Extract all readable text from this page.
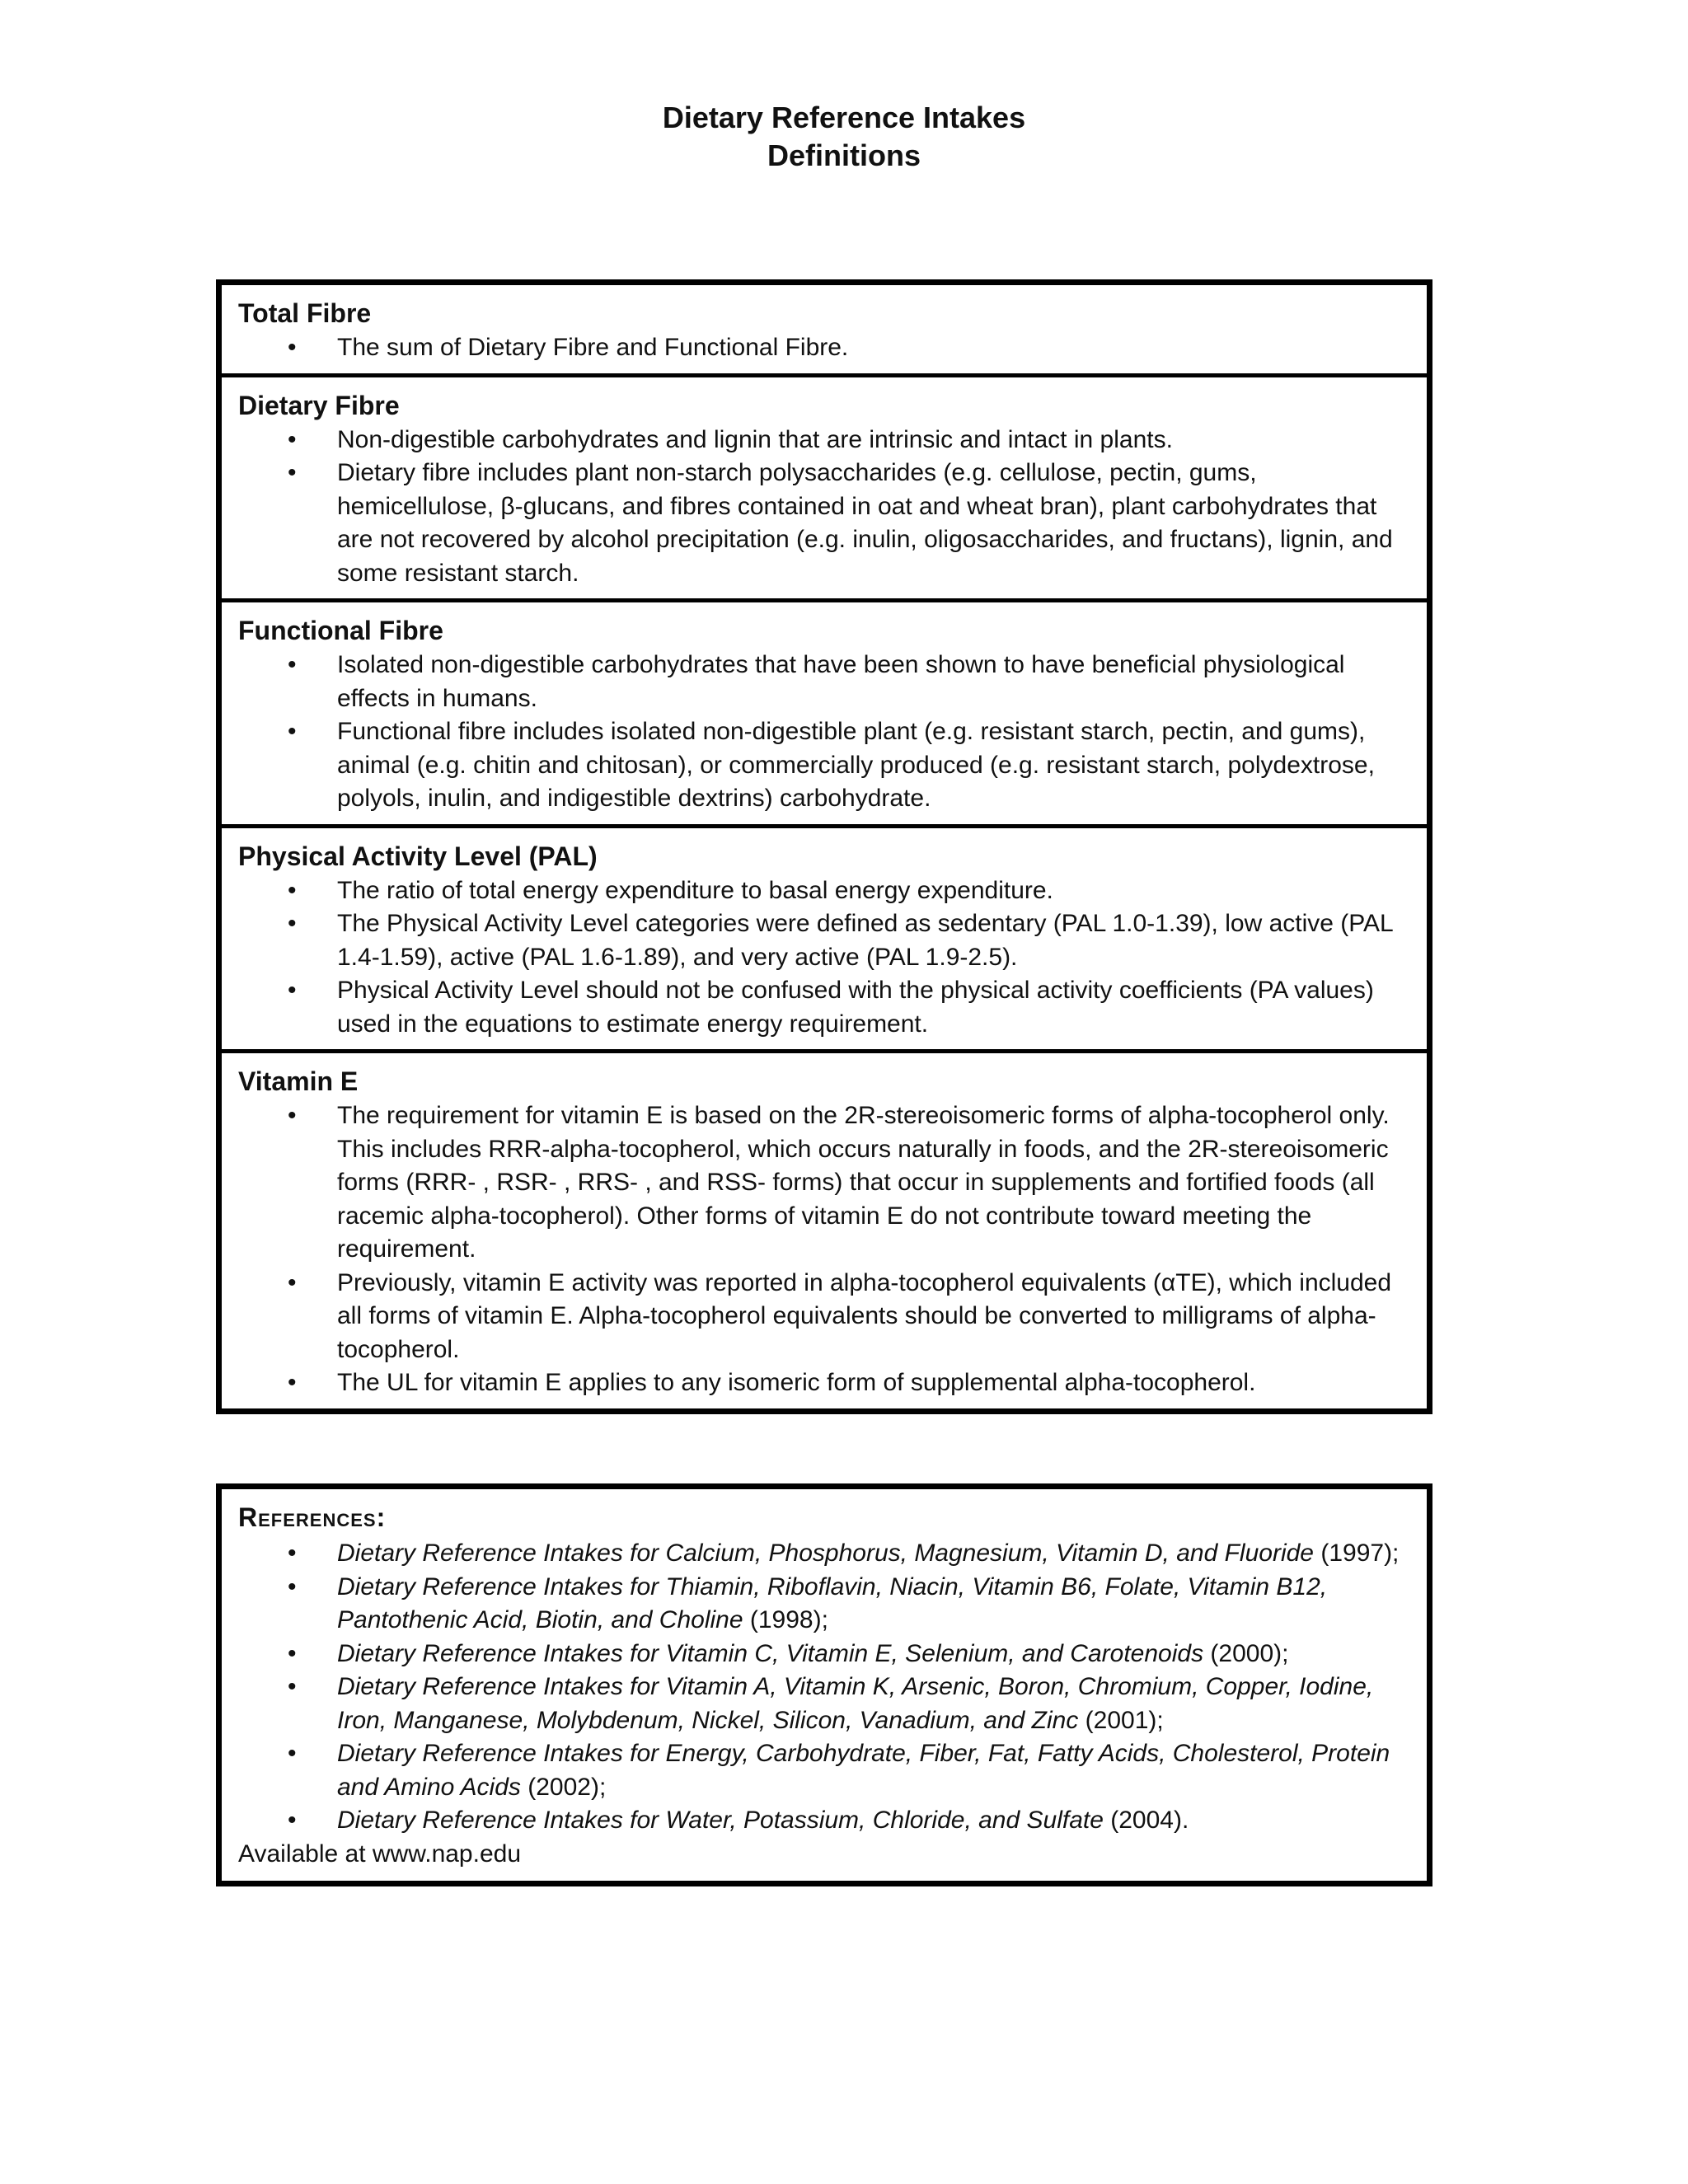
Dietary Reference Intakes
Definitions
Total Fibre
• The sum of Dietary Fibre and Functional Fibre.
Dietary Fibre
• Non-digestible carbohydrates and lignin that are intrinsic and intact in plants.
• Dietary fibre includes plant non-starch polysaccharides (e.g. cellulose, pectin, gums, hemicellulose, β-glucans, and fibres contained in oat and wheat bran), plant carbohydrates that are not recovered by alcohol precipitation (e.g. inulin, oligosaccharides, and fructans), lignin, and some resistant starch.
Functional Fibre
• Isolated non-digestible carbohydrates that have been shown to have beneficial physiological effects in humans.
• Functional fibre includes isolated non-digestible plant (e.g. resistant starch, pectin, and gums), animal (e.g. chitin and chitosan), or commercially produced (e.g. resistant starch, polydextrose, polyols, inulin, and indigestible dextrins) carbohydrate.
Physical Activity Level (PAL)
• The ratio of total energy expenditure to basal energy expenditure.
• The Physical Activity Level categories were defined as sedentary (PAL 1.0-1.39), low active (PAL 1.4-1.59), active (PAL 1.6-1.89), and very active (PAL 1.9-2.5).
• Physical Activity Level should not be confused with the physical activity coefficients (PA values) used in the equations to estimate energy requirement.
Vitamin E
• The requirement for vitamin E is based on the 2R-stereoisomeric forms of alpha-tocopherol only. This includes RRR-alpha-tocopherol, which occurs naturally in foods, and the 2R-stereoisomeric forms (RRR- , RSR- , RRS- , and RSS- forms) that occur in supplements and fortified foods (all racemic alpha-tocopherol). Other forms of vitamin E do not contribute toward meeting the requirement.
• Previously, vitamin E activity was reported in alpha-tocopherol equivalents (αTE), which included all forms of vitamin E. Alpha-tocopherol equivalents should be converted to milligrams of alpha-tocopherol.
• The UL for vitamin E applies to any isomeric form of supplemental alpha-tocopherol.
References:
• Dietary Reference Intakes for Calcium, Phosphorus, Magnesium, Vitamin D, and Fluoride (1997);
• Dietary Reference Intakes for Thiamin, Riboflavin, Niacin, Vitamin B6, Folate, Vitamin B12, Pantothenic Acid, Biotin, and Choline (1998);
• Dietary Reference Intakes for Vitamin C, Vitamin E, Selenium, and Carotenoids (2000);
• Dietary Reference Intakes for Vitamin A, Vitamin K, Arsenic, Boron, Chromium, Copper, Iodine, Iron, Manganese, Molybdenum, Nickel, Silicon, Vanadium, and Zinc (2001);
• Dietary Reference Intakes for Energy, Carbohydrate, Fiber, Fat, Fatty Acids, Cholesterol, Protein and Amino Acids (2002);
• Dietary Reference Intakes for Water, Potassium, Chloride, and Sulfate (2004).
Available at www.nap.edu
